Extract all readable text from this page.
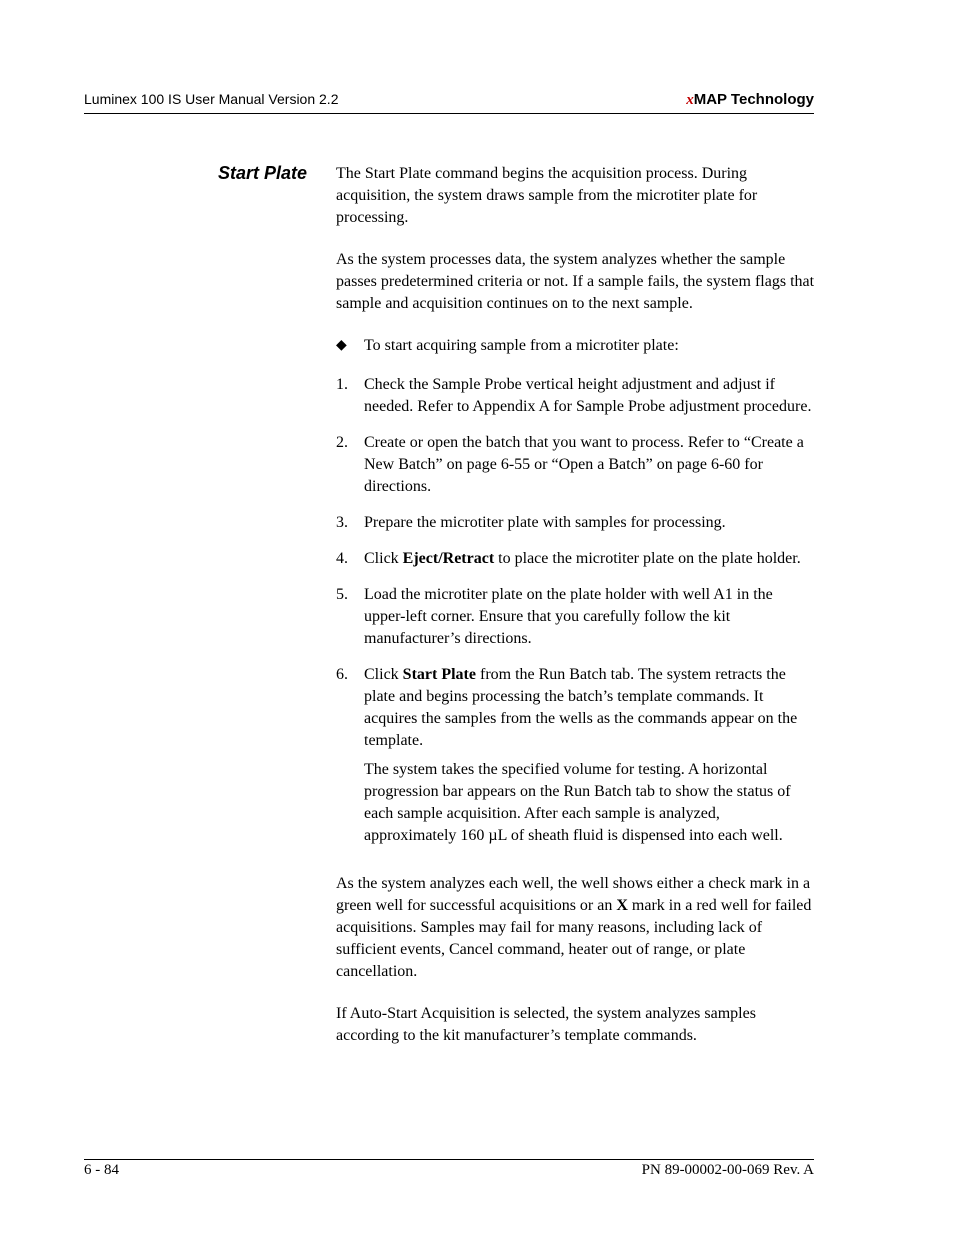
Luminex 100 IS User Manual Version 2.2	xMAP Technology
Start Plate The Start Plate command begins the acquisition process. During acquisition, the system draws sample from the microtiter plate for processing.

As the system processes data, the system analyzes whether the sample passes predetermined criteria or not. If a sample fails, the system flags that sample and acquisition continues on to the next sample.

◆	To start acquiring sample from a microtiter plate:
1.	Check the Sample Probe vertical height adjustment and adjust if needed. Refer to Appendix A for Sample Probe adjustment procedure.
2.	Create or open the batch that you want to process. Refer to “Create a New Batch” on page 6-55 or “Open a Batch” on page 6-60 for directions.
3.	Prepare the microtiter plate with samples for processing.
4.	Click Eject/Retract to place the microtiter plate on the plate holder.
5.	Load the microtiter plate on the plate holder with well A1 in the upper-left corner. Ensure that you carefully follow the kit manufacturer’s directions.
6.	Click Start Plate from the Run Batch tab. The system retracts the plate and begins processing the batch’s template commands. It acquires the samples from the wells as the commands appear on the template.

The system takes the specified volume for testing. A horizontal progression bar appears on the Run Batch tab to show the status of each sample acquisition. After each sample is analyzed, approximately 160 µL of sheath fluid is dispensed into each well.

As the system analyzes each well, the well shows either a check mark in a green well for successful acquisitions or an X mark in a red well for failed acquisitions. Samples may fail for many reasons, including lack of sufficient events, Cancel command, heater out of range, or plate cancellation.

If Auto-Start Acquisition is selected, the system analyzes samples according to the kit manufacturer’s template commands.

6 - 84	PN 89-00002-00-069 Rev. A
